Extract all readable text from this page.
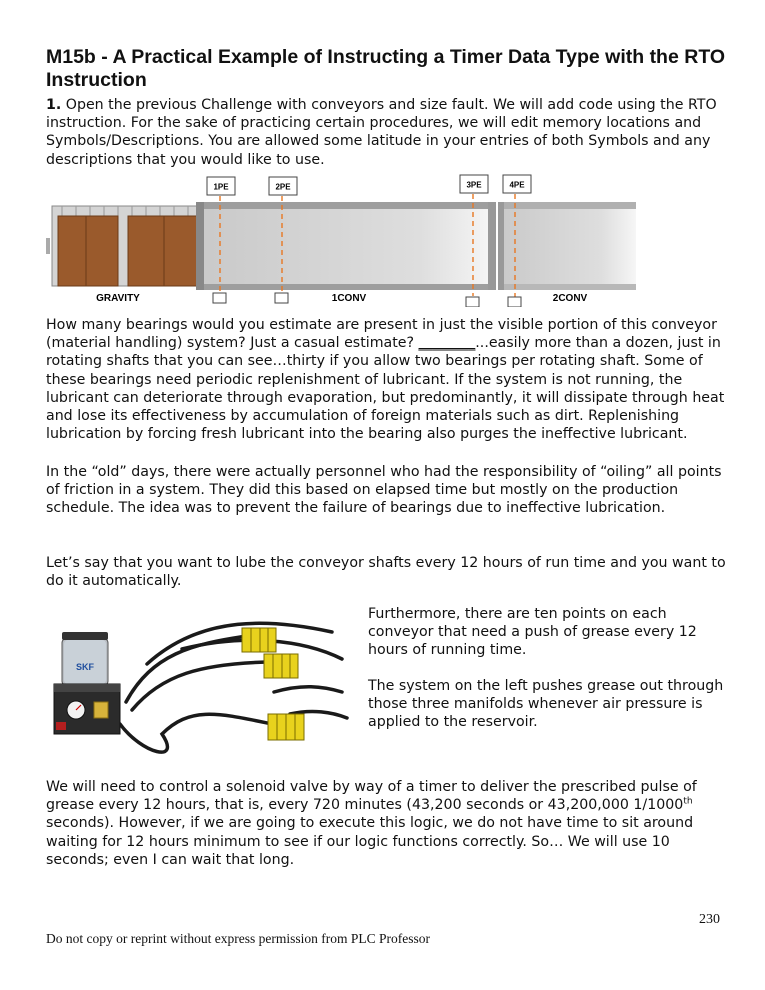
M15b - A Practical Example of Instructing a Timer Data Type with the RTO Instruction

1. Open the previous Challenge with conveyors and size fault. We will add code using the RTO instruction. For the sake of practicing certain procedures, we will edit memory locations and Symbols/Descriptions. You are allowed some latitude in your entries of both Symbols and any descriptions that you would like to use.

1PE	2PE	3PE	4PE
GRAVITY	1CONV	2CONV

How many bearings would you estimate are present in just the visible portion of this conveyor (material handling) system? Just a casual estimate? ________...easily more than a dozen, just in rotating shafts that you can see…thirty if you allow two bearings per rotating shaft. Some of these bearings need periodic replenishment of lubricant. If the system is not running, the lubricant can deteriorate through evaporation, but predominantly, it will dissipate through heat and lose its effectiveness by accumulation of foreign materials such as dirt. Replenishing lubrication by forcing fresh lubricant into the bearing also purges the ineffective lubricant.

In the “old” days, there were actually personnel who had the responsibility of “oiling” all points of friction in a system. They did this based on elapsed time but mostly on the production schedule. The idea was to prevent the failure of bearings due to ineffective lubrication.

Let’s say that you want to lube the conveyor shafts every 12 hours of run time and you want to do it automatically.

SKF

Furthermore, there are ten points on each conveyor that need a push of grease every 12 hours of running time.

The system on the left pushes grease out through those three manifolds whenever air pressure is applied to the reservoir.

We will need to control a solenoid valve by way of a timer to deliver the prescribed pulse of grease every 12 hours, that is, every 720 minutes (43,200 seconds or 43,200,000 1/1000th seconds). However, if we are going to execute this logic, we do not have time to sit around waiting for 12 hours minimum to see if our logic functions correctly. So… We will use 10 seconds; even I can wait that long.

230
Do not copy or reprint without express permission from PLC Professor
